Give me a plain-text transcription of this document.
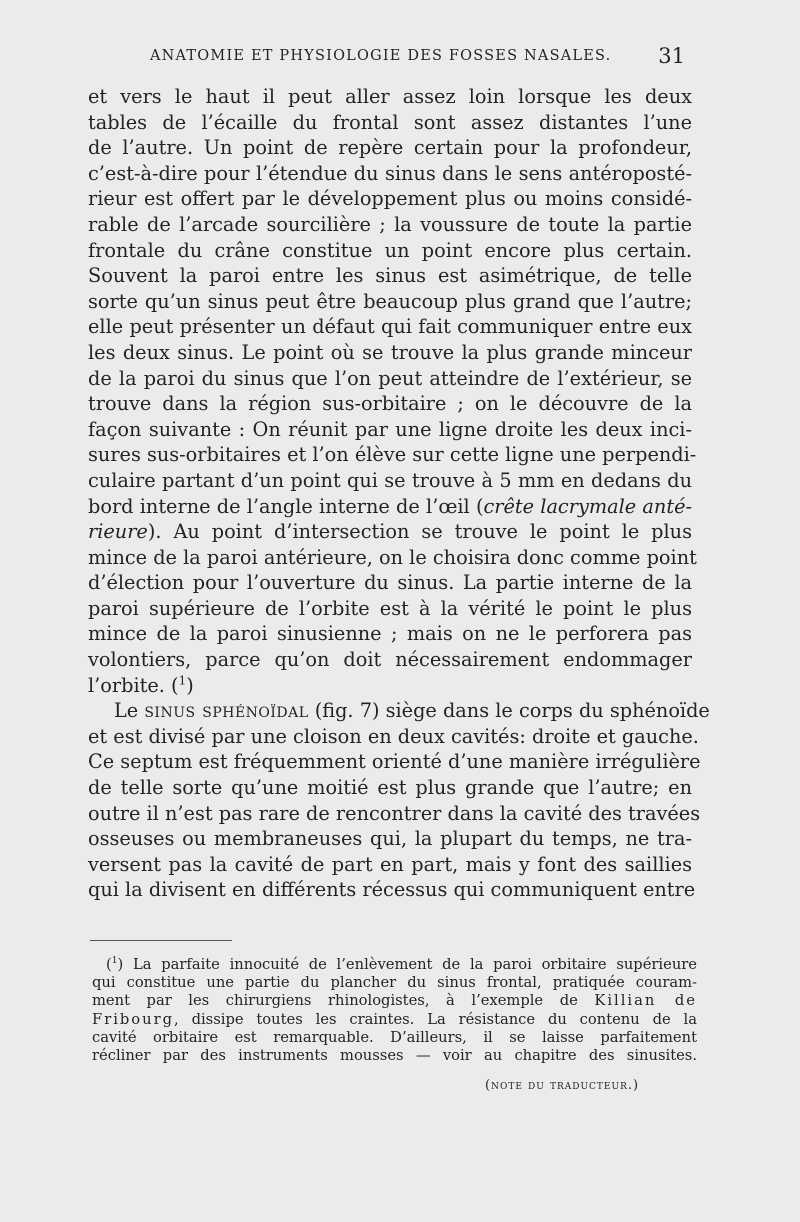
ANATOMIE ET PHYSIOLOGIE DES FOSSES NASALES. 31
et vers le haut il peut aller assez loin lorsque les deux
tables de l’écaille du frontal sont assez distantes l’une
de l’autre. Un point de repère certain pour la profondeur,
c’est-à-dire pour l’étendue du sinus dans le sens antéroposté-
rieur est offert par le développement plus ou moins considé-
rable de l’arcade sourcilière ; la voussure de toute la partie
frontale du crâne constitue un point encore plus certain.
Souvent la paroi entre les sinus est asimétrique, de telle
sorte qu’un sinus peut être beaucoup plus grand que l’autre;
elle peut présenter un défaut qui fait communiquer entre eux
les deux sinus. Le point où se trouve la plus grande minceur
de la paroi du sinus que l’on peut atteindre de l’extérieur, se
trouve dans la région sus-orbitaire ; on le découvre de la
façon suivante : On réunit par une ligne droite les deux inci-
sures sus-orbitaires et l’on élève sur cette ligne une perpendi-
culaire partant d’un point qui se trouve à 5 mm en dedans du
bord interne de l’angle interne de l’œil (crête lacrymale anté-
rieure). Au point d’intersection se trouve le point le plus
mince de la paroi antérieure, on le choisira donc comme point
d’élection pour l’ouverture du sinus. La partie interne de la
paroi supérieure de l’orbite est à la vérité le point le plus
mince de la paroi sinusienne ; mais on ne le perforera pas
volontiers, parce qu’on doit nécessairement endommager
l’orbite. ($^1$)
Le sinus sphénoïdal (fig. 7) siège dans le corps du sphénoïde
et est divisé par une cloison en deux cavités: droite et gauche.
Ce septum est fréquemment orienté d’une manière irrégulière
de telle sorte qu’une moitié est plus grande que l’autre; en
outre il n’est pas rare de rencontrer dans la cavité des travées
osseuses ou membraneuses qui, la plupart du temps, ne tra-
versent pas la cavité de part en part, mais y font des saillies
qui la divisent en différents récessus qui communiquent entre
($^1$) La parfaite innocuité de l’enlèvement de la paroi orbitaire supérieure
qui constitue une partie du plancher du sinus frontal, pratiquée couram-
ment par les chirurgiens rhinologistes, à l’exemple de Killian de
Fribourg, dissipe toutes les craintes. La résistance du contenu de la
cavité orbitaire est remarquable. D’ailleurs, il se laisse parfaitement
récliner par des instruments mousses — voir au chapitre des sinusites.
(note du traducteur.)
